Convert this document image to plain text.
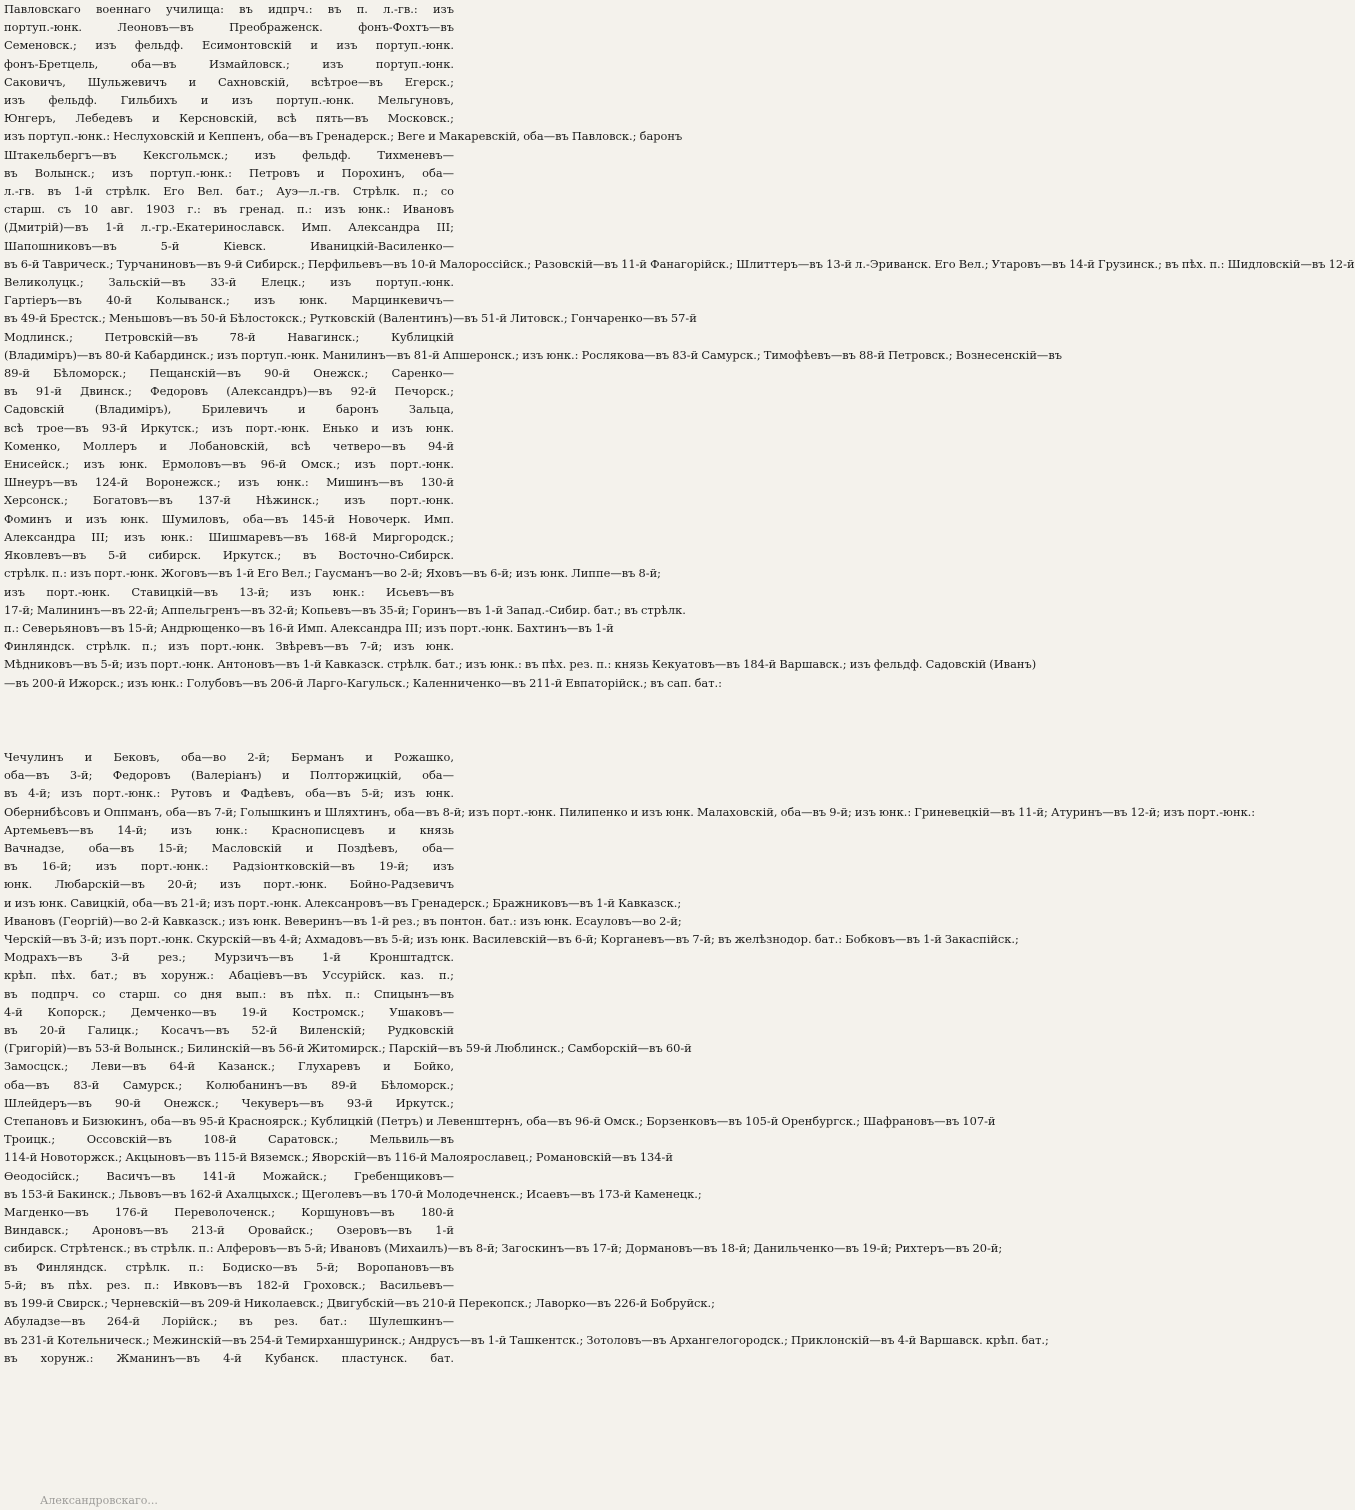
Павловскаго военнаго училища: въ идпрч.: въ п. л.-гв.: изъ
портуп.-юнк. Леоновъ—въ Преображенск. фонъ-Фохтъ—въ
Семеновск.; изъ фельдф. Есимонтовскій и изъ портуп.-юнк.
фонъ-Бретцель, оба—въ Измайловск.; изъ портуп.-юнк.
Саковичъ, Шульжевичъ и Сахновскій, всѣтрое—въ Егерск.;
изъ фельдф. Гильбихъ и изъ портуп.-юнк. Мельгуновъ,
Юнгеръ, Лебедевъ и Керсновскій, всѣ пять—въ Московск.;
изъ портуп.-юнк.: Неслуховскій и Кеппенъ, оба—въ Гренадерск.; Веге и Макаревскій, оба—въ Павловск.; баронъ
Штакельбергъ—въ Кексгольмск.; изъ фельдф. Тихменевъ—
въ Волынск.; изъ портуп.-юнк.: Петровъ и Порохинъ, оба—
л.-гв. въ 1-й стрѣлк. Его Вел. бат.; Ауэ—л.-гв. Стрѣлк. п.; со
старш. съ 10 авг. 1903 г.: въ гренад. п.: изъ юнк.: Ивановъ
(Дмитрій)—въ 1-й л.-гр.-Екатеринославск. Имп. Александра III;
Шапошниковъ—въ 5-й Кіевск. Иваницкій-Василенко—
въ 6-й Таврическ.; Турчаниновъ—въ 9-й Сибирск.; Перфильевъ—въ 10-й Малороссійск.; Разовскій—въ 11-й Фанагорійск.; Шлиттеръ—въ 13-й л.-Эриванск. Его Вел.; Утаровъ—въ 14-й Грузинск.; въ пѣх. п.: Шидловскій—въ 12-й
Великолуцк.; Зальскій—въ 33-й Елецк.; изъ портуп.-юнк.
Гартіеръ—въ 40-й Колыванск.; изъ юнк. Марцинкевичъ—
въ 49-й Брестск.; Меньшовъ—въ 50-й Бѣлостокск.; Рутковскій (Валентинъ)—въ 51-й Литовск.; Гончаренко—въ 57-й
Модлинск.; Петровскій—въ 78-й Навагинск.; Кублицкій
(Владиміръ)—въ 80-й Кабардинск.; изъ портуп.-юнк. Манилинъ—въ 81-й Апшеронск.; изъ юнк.: Рослякова—въ 83-й Самурск.; Тимофѣевъ—въ 88-й Петровск.; Вознесенскій—въ
89-й Бѣломорск.; Пещанскій—въ 90-й Онежск.; Саренко—
въ 91-й Двинск.; Федоровъ (Александръ)—въ 92-й Печорск.;
Садовскій (Владиміръ), Брилевичъ и баронъ Зальца,
всѣ трое—въ 93-й Иркутск.; изъ порт.-юнк. Енько и изъ юнк.
Коменко, Моллеръ и Лобановскій, всѣ четверо—въ 94-й
Енисейск.; изъ юнк. Ермоловъ—въ 96-й Омск.; изъ порт.-юнк.
Шнеуръ—въ 124-й Воронежск.; изъ юнк.: Мишинъ—въ 130-й
Херсонск.; Богатовъ—въ 137-й Нѣжинск.; изъ порт.-юнк.
Фоминъ и изъ юнк. Шумиловъ, оба—въ 145-й Новочерк. Имп.
Александра III; изъ юнк.: Шишмаревъ—въ 168-й Миргородск.;
Яковлевъ—въ 5-й сибирск. Иркутск.; въ Восточно-Сибирск.
стрѣлк. п.: изъ порт.-юнк. Жоговъ—въ 1-й Его Вел.; Гаусманъ—во 2-й; Яховъ—въ 6-й; изъ юнк. Липпе—въ 8-й;
изъ порт.-юнк. Ставицкій—въ 13-й; изъ юнк.: Исьевъ—въ
17-й; Малининъ—въ 22-й; Аппельгренъ—въ 32-й; Копьевъ—въ 35-й; Горинъ—въ 1-й Запад.-Сибир. бат.; въ стрѣлк.
п.: Северьяновъ—въ 15-й; Андрющенко—въ 16-й Имп. Александра III; изъ порт.-юнк. Бахтинъ—въ 1-й
Финляндск. стрѣлк. п.; изъ порт.-юнк. Звѣревъ—въ 7-й; изъ юнк.
Мѣдниковъ—въ 5-й; изъ порт.-юнк. Антоновъ—въ 1-й Кавказск. стрѣлк. бат.; изъ юнк.: въ пѣх. рез. п.: князь Кекуатовъ—въ 184-й Варшавск.; изъ фельдф. Садовскій (Иванъ)
—въ 200-й Ижорск.; изъ юнк.: Голубовъ—въ 206-й Ларго-Кагульск.; Каленниченко—въ 211-й Евпаторійск.; въ сап. бат.:
Чечулинъ и Бековъ, оба—во 2-й; Берманъ и Рожашко,
оба—въ 3-й; Федоровъ (Валеріанъ) и Полторжицкій, оба—
въ 4-й; изъ порт.-юнк.: Рутовъ и Фадѣевъ, оба—въ 5-й; изъ юнк.
Обернибѣсовъ и Оппманъ, оба—въ 7-й; Голышкинъ и Шляхтинъ, оба—въ 8-й; изъ порт.-юнк. Пилипенко и изъ юнк. Малаховскій, оба—въ 9-й; изъ юнк.: Гриневецкій—въ 11-й; Атуринъ—въ 12-й; изъ порт.-юнк.:
Артемьевъ—въ 14-й; изъ юнк.: Краснописцевъ и князь
Вачнадзе, оба—въ 15-й; Масловскій и Поздѣевъ, оба—
въ 16-й; изъ порт.-юнк.: Радзіонтковскій—въ 19-й; изъ
юнк. Любарскій—въ 20-й; изъ порт.-юнк. Бойно-Радзевичъ
и изъ юнк. Савицкій, оба—въ 21-й; изъ порт.-юнк. Алексанровъ—въ Гренадерск.; Бражниковъ—въ 1-й Кавказск.;
Ивановъ (Георгій)—во 2-й Кавказск.; изъ юнк. Веверинъ—въ 1-й рез.; въ понтон. бат.: изъ юнк. Есауловъ—во 2-й;
Черскій—въ 3-й; изъ порт.-юнк. Скурскій—въ 4-й; Ахмадовъ—въ 5-й; изъ юнк. Василевскій—въ 6-й; Корганевъ—въ 7-й; въ желѣзнодор. бат.: Бобковъ—въ 1-й Закаспійск.;
Модрахъ—въ 3-й рез.; Мурзичъ—въ 1-й Кронштадтск.
крѣп. пѣх. бат.; въ хорунж.: Абаціевъ—въ Уссурійск. каз. п.;
въ подпрч. со старш. со дня вып.: въ пѣх. п.: Спицынъ—въ
4-й Копорск.; Демченко—въ 19-й Костромск.; Ушаковъ—
въ 20-й Галицк.; Косачъ—въ 52-й Виленскій; Рудковскій
(Григорій)—въ 53-й Волынск.; Билинскій—въ 56-й Житомирск.; Парскій—въ 59-й Люблинск.; Самборскій—въ 60-й
Замосцск.; Леви—въ 64-й Казанск.; Глухаревъ и Бойко,
оба—въ 83-й Самурск.; Колюбанинъ—въ 89-й Бѣломорск.;
Шлейдеръ—въ 90-й Онежск.; Чекуверъ—въ 93-й Иркутск.;
Степановъ и Бизюкинъ, оба—въ 95-й Красноярск.; Кублицкій (Петръ) и Левенштернъ, оба—въ 96-й Омск.; Борзенковъ—въ 105-й Оренбургск.; Шафрановъ—въ 107-й
Троицк.; Оссовскій—въ 108-й Саратовск.; Мельвиль—въ
114-й Новоторжск.; Акцыновъ—въ 115-й Вяземск.; Яворскій—въ 116-й Малоярославец.; Романовскій—въ 134-й
Ѳеодосійск.; Васичъ—въ 141-й Можайск.; Гребенщиковъ—
въ 153-й Бакинск.; Львовъ—въ 162-й Ахалцыхск.; Щеголевъ—въ 170-й Молодечненск.; Исаевъ—въ 173-й Каменецк.;
Магденко—въ 176-й Переволоченск.; Коршуновъ—въ 180-й
Виндавск.; Ароновъ—въ 213-й Оровайск.; Озеровъ—въ 1-й
сибирск. Стрѣтенск.; въ стрѣлк. п.: Алферовъ—въ 5-й; Ивановъ (Михаилъ)—въ 8-й; Загоскинъ—въ 17-й; Дормановъ—въ 18-й; Данильченко—въ 19-й; Рихтеръ—въ 20-й;
въ Финляндск. стрѣлк. п.: Бодиско—въ 5-й; Воропановъ—въ
5-й; въ пѣх. рез. п.: Ивковъ—въ 182-й Гроховск.; Васильевъ—
въ 199-й Свирск.; Черневскій—въ 209-й Николаевск.; Двигубскій—въ 210-й Перекопск.; Лаворко—въ 226-й Бобруйск.;
Абуладзе—въ 264-й Лорійск.; въ рез. бат.: Шулешкинъ—
въ 231-й Котельническ.; Межинскій—въ 254-й Темирханшуринск.; Андрусъ—въ 1-й Ташкентск.; Зотоловъ—въ Архангелогородск.; Приклонскій—въ 4-й Варшавск. крѣп. бат.;
въ хорунж.: Жманинъ—въ 4-й Кубанск. пластунск. бат.
Александровскаго...
